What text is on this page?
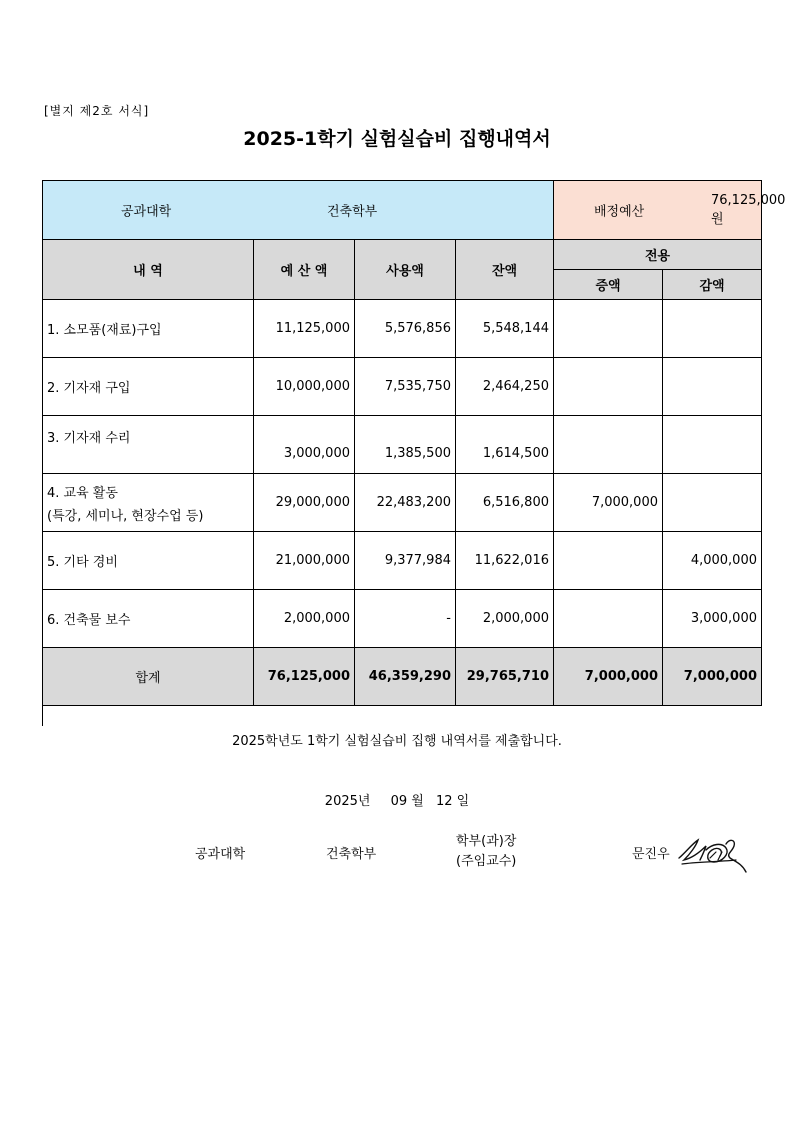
[별지 제2호 서식]
2025-1학기 실험실습비 집행내역서
공과대학 건축학부				배정예산
76,125,000 원	

내 역	예 산 액	사용액	잔액	전용	
				증액	감액
1. 소모품(재료)구입	11,125,000	5,576,856	5,548,144		
2. 기자재 구입	10,000,000	7,535,750	2,464,250		
3. 기자재 수리	3,000,000	1,385,500	1,614,500		

4. 교육 활동
(특강, 세미나, 현장수업 등)	29,000,000	22,483,200	6,516,800	7,000,000	
5. 기타 경비	21,000,000	9,377,984	11,622,016		4,000,000
6. 건축물 보수	2,000,000	-	2,000,000		3,000,000
합계	76,125,000	46,359,290	29,765,710	7,000,000	7,000,000
2025학년도 1학기 실험실습비 집행 내역서를 제출합니다.
2025년 09 월 12 일
공과대학	건축학부
학부(과)장
(주임교수)	문진우
